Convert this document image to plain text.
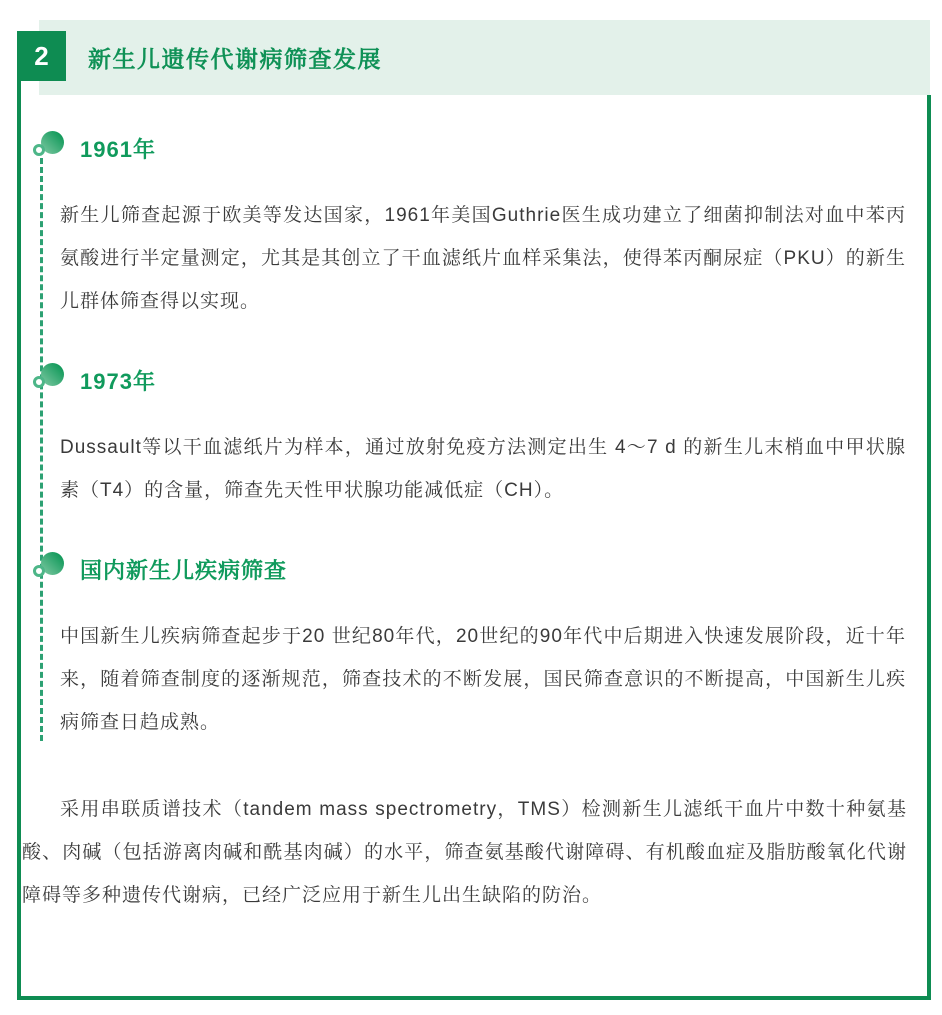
新生儿遗传代谢病筛查发展
2
1961年

新生儿筛查起源于欧美等发达国家，1961年美国Guthrie医生成功建立了细菌抑制法对血中苯丙氨酸进行半定量测定，尤其是其创立了干血滤纸片血样采集法，使得苯丙酮尿症（PKU）的新生儿群体筛查得以实现。

1973年

Dussault等以干血滤纸片为样本，通过放射免疫方法测定出生 4～7 d 的新生儿末梢血中甲状腺素（T4）的含量，筛查先天性甲状腺功能减低症（CH）。

国内新生儿疾病筛查

中国新生儿疾病筛查起步于20 世纪80年代，20世纪的90年代中后期进入快速发展阶段，近十年来，随着筛查制度的逐渐规范，筛查技术的不断发展，国民筛查意识的不断提高，中国新生儿疾病筛查日趋成熟。

采用串联质谱技术（tandem mass spectrometry，TMS）检测新生儿滤纸干血片中数十种氨基酸、肉碱（包括游离肉碱和酰基肉碱）的水平，筛查氨基酸代谢障碍、有机酸血症及脂肪酸氧化代谢障碍等多种遗传代谢病，已经广泛应用于新生儿出生缺陷的防治。
